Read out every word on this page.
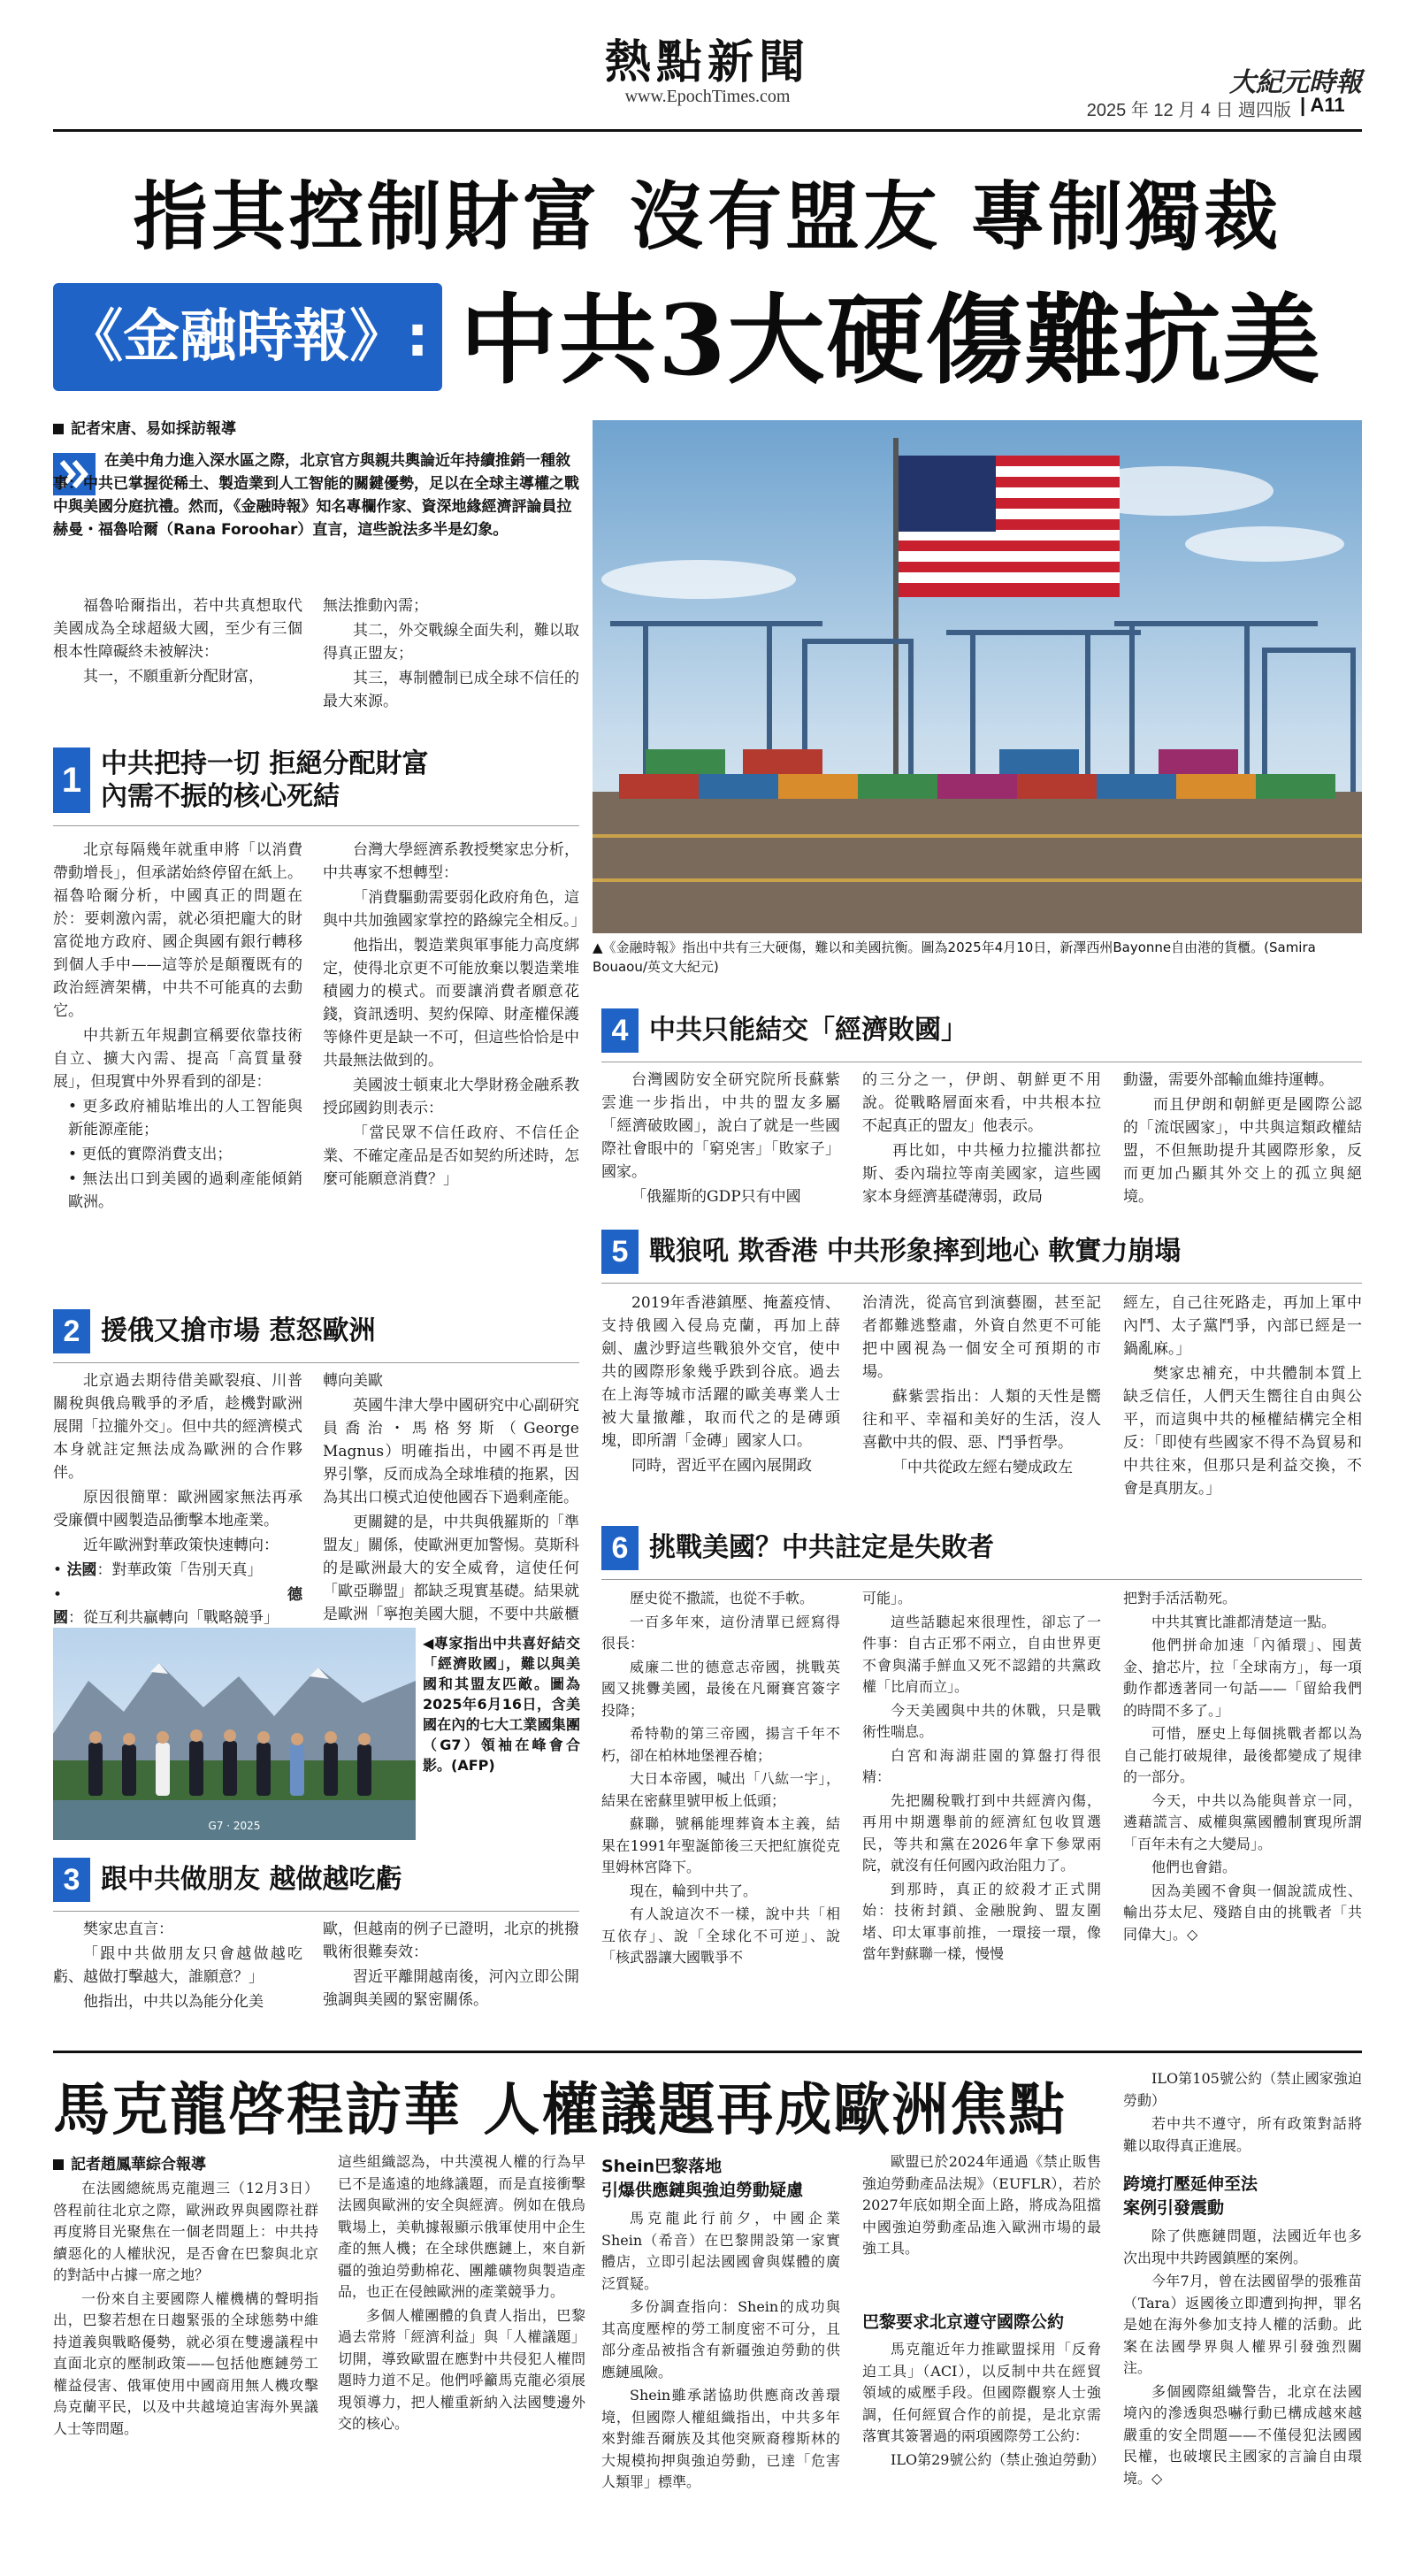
熱點新聞
www.EpochTimes.com	大紀元時報
2025 年 12 月 4 日 週四版 | A11
指其控制財富 沒有盟友 專制獨裁
《金融時報》: 中共3大硬傷難抗美
記者宋唐、易如採訪報導
在美中角力進入深水區之際，北京官方與親共輿論近年持續推銷一種敘事：中共已掌握從稀土、製造業到人工智能的關鍵優勢，足以在全球主導權之戰中與美國分庭抗禮。然而，《金融時報》知名專欄作家、資深地緣經濟評論員拉赫曼・福魯哈爾（Rana Foroohar）直言，這些說法多半是幻象。

福魯哈爾指出，若中共真想取代美國成為全球超級大國，至少有三個根本性障礙終未被解決：

其一，不願重新分配財富，

無法推動內需；

其二，外交戰線全面失利，難以取得真正盟友；

其三，專制體制已成全球不信任的最大來源。

1 中共把持一切 拒絕分配財富
內需不振的核心死結

北京每隔幾年就重申將「以消費帶動增長」，但承諾始終停留在紙上。福魯哈爾分析，中國真正的問題在於：要刺激內需，就必須把龐大的財富從地方政府、國企與國有銀行轉移到個人手中——這等於是顛覆既有的政治經濟架構，中共不可能真的去動它。

中共新五年規劃宣稱要依靠技術自立、擴大內需、提高「高質量發展」，但現實中外界看到的卻是：

• 更多政府補貼堆出的人工智能與新能源產能；

• 更低的實際消費支出；

• 無法出口到美國的過剩產能傾銷歐洲。

台灣大學經濟系教授樊家忠分析，中共專家不想轉型：

「消費驅動需要弱化政府角色，這與中共加強國家掌控的路線完全相反。」

他指出，製造業與軍事能力高度綁定，使得北京更不可能放棄以製造業堆積國力的模式。而要讓消費者願意花錢，資訊透明、契約保障、財產權保護等條件更是缺一不可，但這些恰恰是中共最無法做到的。

美國波士頓東北大學財務金融系教授邱國鈞則表示：

「當民眾不信任政府、不信任企業、不確定產品是否如契約所述時，怎麼可能願意消費？」

2 援俄又搶市場 惹怒歐洲

北京過去期待借美歐裂痕、川普關稅與俄烏戰爭的矛盾，趁機對歐洲展開「拉攏外交」。但中共的經濟模式本身就註定無法成為歐洲的合作夥伴。

原因很簡單：歐洲國家無法再承受廉價中國製造品衝擊本地產業。

近年歐洲對華政策快速轉向：

• 法國：對華政策「告別天真」

• 德國：從互利共贏轉向「戰略競爭」

轉向美歐

英國牛津大學中國研究中心副研究員喬治・馬格努斯（George Magnus）明確指出，中國不再是世界引擎，反而成為全球堆積的拖累，因為其出口模式迫使他國吞下過剩產能。

更關鍵的是，中共與俄羅斯的「準盟友」關係，使歐洲更加警惕。莫斯科的是歐洲最大的安全威脅，這使任何「歐亞聯盟」都缺乏現實基礎。結果就是歐洲「寧抱美國大腿，不要中共厳櫃

G7 · 2025
◀專家指出中共喜好結交「經濟敗國」，難以與美國和其盟友匹敵。圖為2025年6月16日，含美國在內的七大工業國集團（G7）領袖在峰會合影。(AFP)
3 跟中共做朋友 越做越吃虧

樊家忠直言：

「跟中共做朋友只會越做越吃虧、越做打擊越大，誰願意？」

他指出，中共以為能分化美

歐，但越南的例子已證明，北京的挑撥戰術很難奏效：

習近平離開越南後，河內立即公開強調與美國的緊密關係。

▲《金融時報》指出中共有三大硬傷，難以和美國抗衡。圖為2025年4月10日，新澤西州Bayonne自由港的貨櫃。(Samira Bouaou/英文大紀元)
4 中共只能結交「經濟敗國」

台灣國防安全研究院所長蘇紫雲進一步指出，中共的盟友多屬「經濟破敗國」，說白了就是一些國際社會眼中的「窮兇害」「敗家子」國家。

「俄羅斯的GDP只有中國

的三分之一，伊朗、朝鮮更不用說。從戰略層面來看，中共根本拉不起真正的盟友」他表示。

再比如，中共極力拉攏洪都拉斯、委內瑞拉等南美國家，這些國家本身經濟基礎薄弱，政局

動盪，需要外部輸血維持運轉。

而且伊朗和朝鮮更是國際公認的「流氓國家」，中共與這類政權結盟，不但無助提升其國際形象，反而更加凸顯其外交上的孤立與絕境。

5 戰狼吼 欺香港 中共形象摔到地心 軟實力崩塌

2019年香港鎮壓、掩蓋疫情、支持俄國入侵烏克蘭，再加上薛劍、盧沙野這些戰狼外交官，使中共的國際形象幾乎跌到谷底。過去在上海等城市活躍的歐美專業人士被大量撤離，取而代之的是磚頭塊，即所謂「金磚」國家人口。

同時，習近平在國內展開政

治清洗，從高官到演藝圈，甚至記者都難逃整肅，外資自然更不可能把中國視為一個安全可預期的市場。

蘇紫雲指出：人類的天性是嚮往和平、幸福和美好的生活，沒人喜歡中共的假、惡、鬥爭哲學。

「中共從政左經右變成政左

經左，自己往死路走，再加上軍中內鬥、太子黨鬥爭，內部已經是一鍋亂麻。」

樊家忠補充，中共體制本質上缺乏信任，人們天生嚮往自由與公平，而這與中共的極權結構完全相反：「即使有些國家不得不為貿易和中共往來，但那只是利益交換，不會是真朋友。」

6 挑戰美國？中共註定是失敗者

歷史從不撒謊，也從不手軟。

一百多年來，這份清單已經寫得很長：

威廉二世的德意志帝國，挑戰英國又挑釁美國，最後在凡爾賽宮簽字投降；

希特勒的第三帝國，揚言千年不朽，卻在柏林地堡裡吞槍；

大日本帝國，喊出「八紘一宇」，結果在密蘇里號甲板上低頭；

蘇聯，號稱能埋葬資本主義，結果在1991年聖誕節後三天把紅旗從克里姆林宮降下。

現在，輪到中共了。

有人說這次不一樣，說中共「相互依存」、說「全球化不可逆」、說「核武器讓大國戰爭不

可能」。

這些話聽起來很理性，卻忘了一件事：自古正邪不兩立，自由世界更不會與滿手鮮血又死不認錯的共黨政權「比肩而立」。

今天美國與中共的休戰，只是戰術性喘息。

白宮和海湖莊園的算盤打得很精：

先把關稅戰打到中共經濟內傷，再用中期選舉前的經濟紅包收買選民，等共和黨在2026年拿下參眾兩院，就沒有任何國內政治阻力了。

到那時，真正的絞殺才正式開始：技術封鎖、金融脫鉤、盟友圍堵、印太軍事前推，一環接一環，像當年對蘇聯一樣，慢慢

把對手活活勒死。

中共其實比誰都清楚這一點。

他們拼命加速「內循環」、囤黃金、搶芯片，拉「全球南方」，每一項動作都透著同一句話——「留給我們的時間不多了。」

可惜，歷史上每個挑戰者都以為自己能打破規律，最後都變成了規律的一部分。

今天，中共以為能與普京一同，遴藉謊言、威權與黨國體制實現所謂「百年未有之大變局」。

他們也會錯。

因為美國不會與一個說謊成性、輸出芬太尼、殘踏自由的挑戰者「共同偉大」。◇

馬克龍啓程訪華 人權議題再成歐洲焦點
記者趙鳳華綜合報導

在法國總統馬克龍週三（12月3日）啓程前往北京之際，歐洲政界與國際社群再度將目光聚焦在一個老問題上：中共持續惡化的人權狀況，是否會在巴黎與北京的對話中占據一席之地？

一份來自主要國際人權機構的聲明指出，巴黎若想在日趨緊張的全球態勢中維持道義與戰略優勢，就必須在雙邊議程中直面北京的壓制政策——包括他應鏈勞工權益侵害、俄軍使用中國商用無人機攻擊烏克蘭平民，以及中共越境迫害海外異議人士等問題。

這些組織認為，中共漠視人權的行為早已不是遙遠的地緣議題，而是直接衝擊法國與歐洲的安全與經濟。例如在俄烏戰場上，美軌據報顯示俄軍使用中企生產的無人機；在全球供應鏈上，來自新疆的強迫勞動棉花、團離礦物與製造產品，也正在侵蝕歐洲的產業競爭力。

多個人權團體的負責人指出，巴黎過去常將「經濟利益」與「人權議題」切開，導致歐盟在應對中共侵犯人權問題時力道不足。他們呼籲馬克龍必須展現領導力，把人權重新納入法國雙邊外交的核心。

Shein巴黎落地
引爆供應鏈與強迫勞動疑慮

馬克龍此行前夕，中國企業Shein（希音）在巴黎開設第一家實體店，立即引起法國國會與媒體的廣泛質疑。

多份調查指向：Shein的成功與其高度壓榨的勞工制度密不可分，且部分產品被指含有新疆強迫勞動的供應鏈風險。

Shein雖承諾協助供應商改善環境，但國際人權組織指出，中共多年來對維吾爾族及其他突厥裔穆斯林的大規模拘押與強迫勞動，已達「危害人類罪」標準。

歐盟已於2024年通過《禁止販售強迫勞動產品法規》（EUFLR），若於2027年底如期全面上路，將成為阻擋中國強迫勞動產品進入歐洲市場的最強工具。

巴黎要求北京遵守國際公約

馬克龍近年力推歐盟採用「反脅迫工具」（ACI），以反制中共在經貿領域的威壓手段。但國際觀察人士強調，任何經貿合作的前提，是北京需落實其簽署過的兩項國際勞工公約：

ILO第29號公約（禁止強迫勞動）

ILO第105號公約（禁止國家強迫勞動）

若中共不遵守，所有政策對話將難以取得真正進展。

跨境打壓延伸至法
案例引發震動

除了供應鏈問題，法國近年也多次出現中共跨國鎮壓的案例。

今年7月，曾在法國留學的張雅苗（Tara）返國後立即遭到拘押，罪名是她在海外參加支持人權的活動。此案在法國學界與人權界引發強烈關注。

多個國際組織警告，北京在法國境內的滲透與恐嚇行動已構成越來越嚴重的安全問題——不僅侵犯法國國民權，也破壞民主國家的言論自由環境。◇
